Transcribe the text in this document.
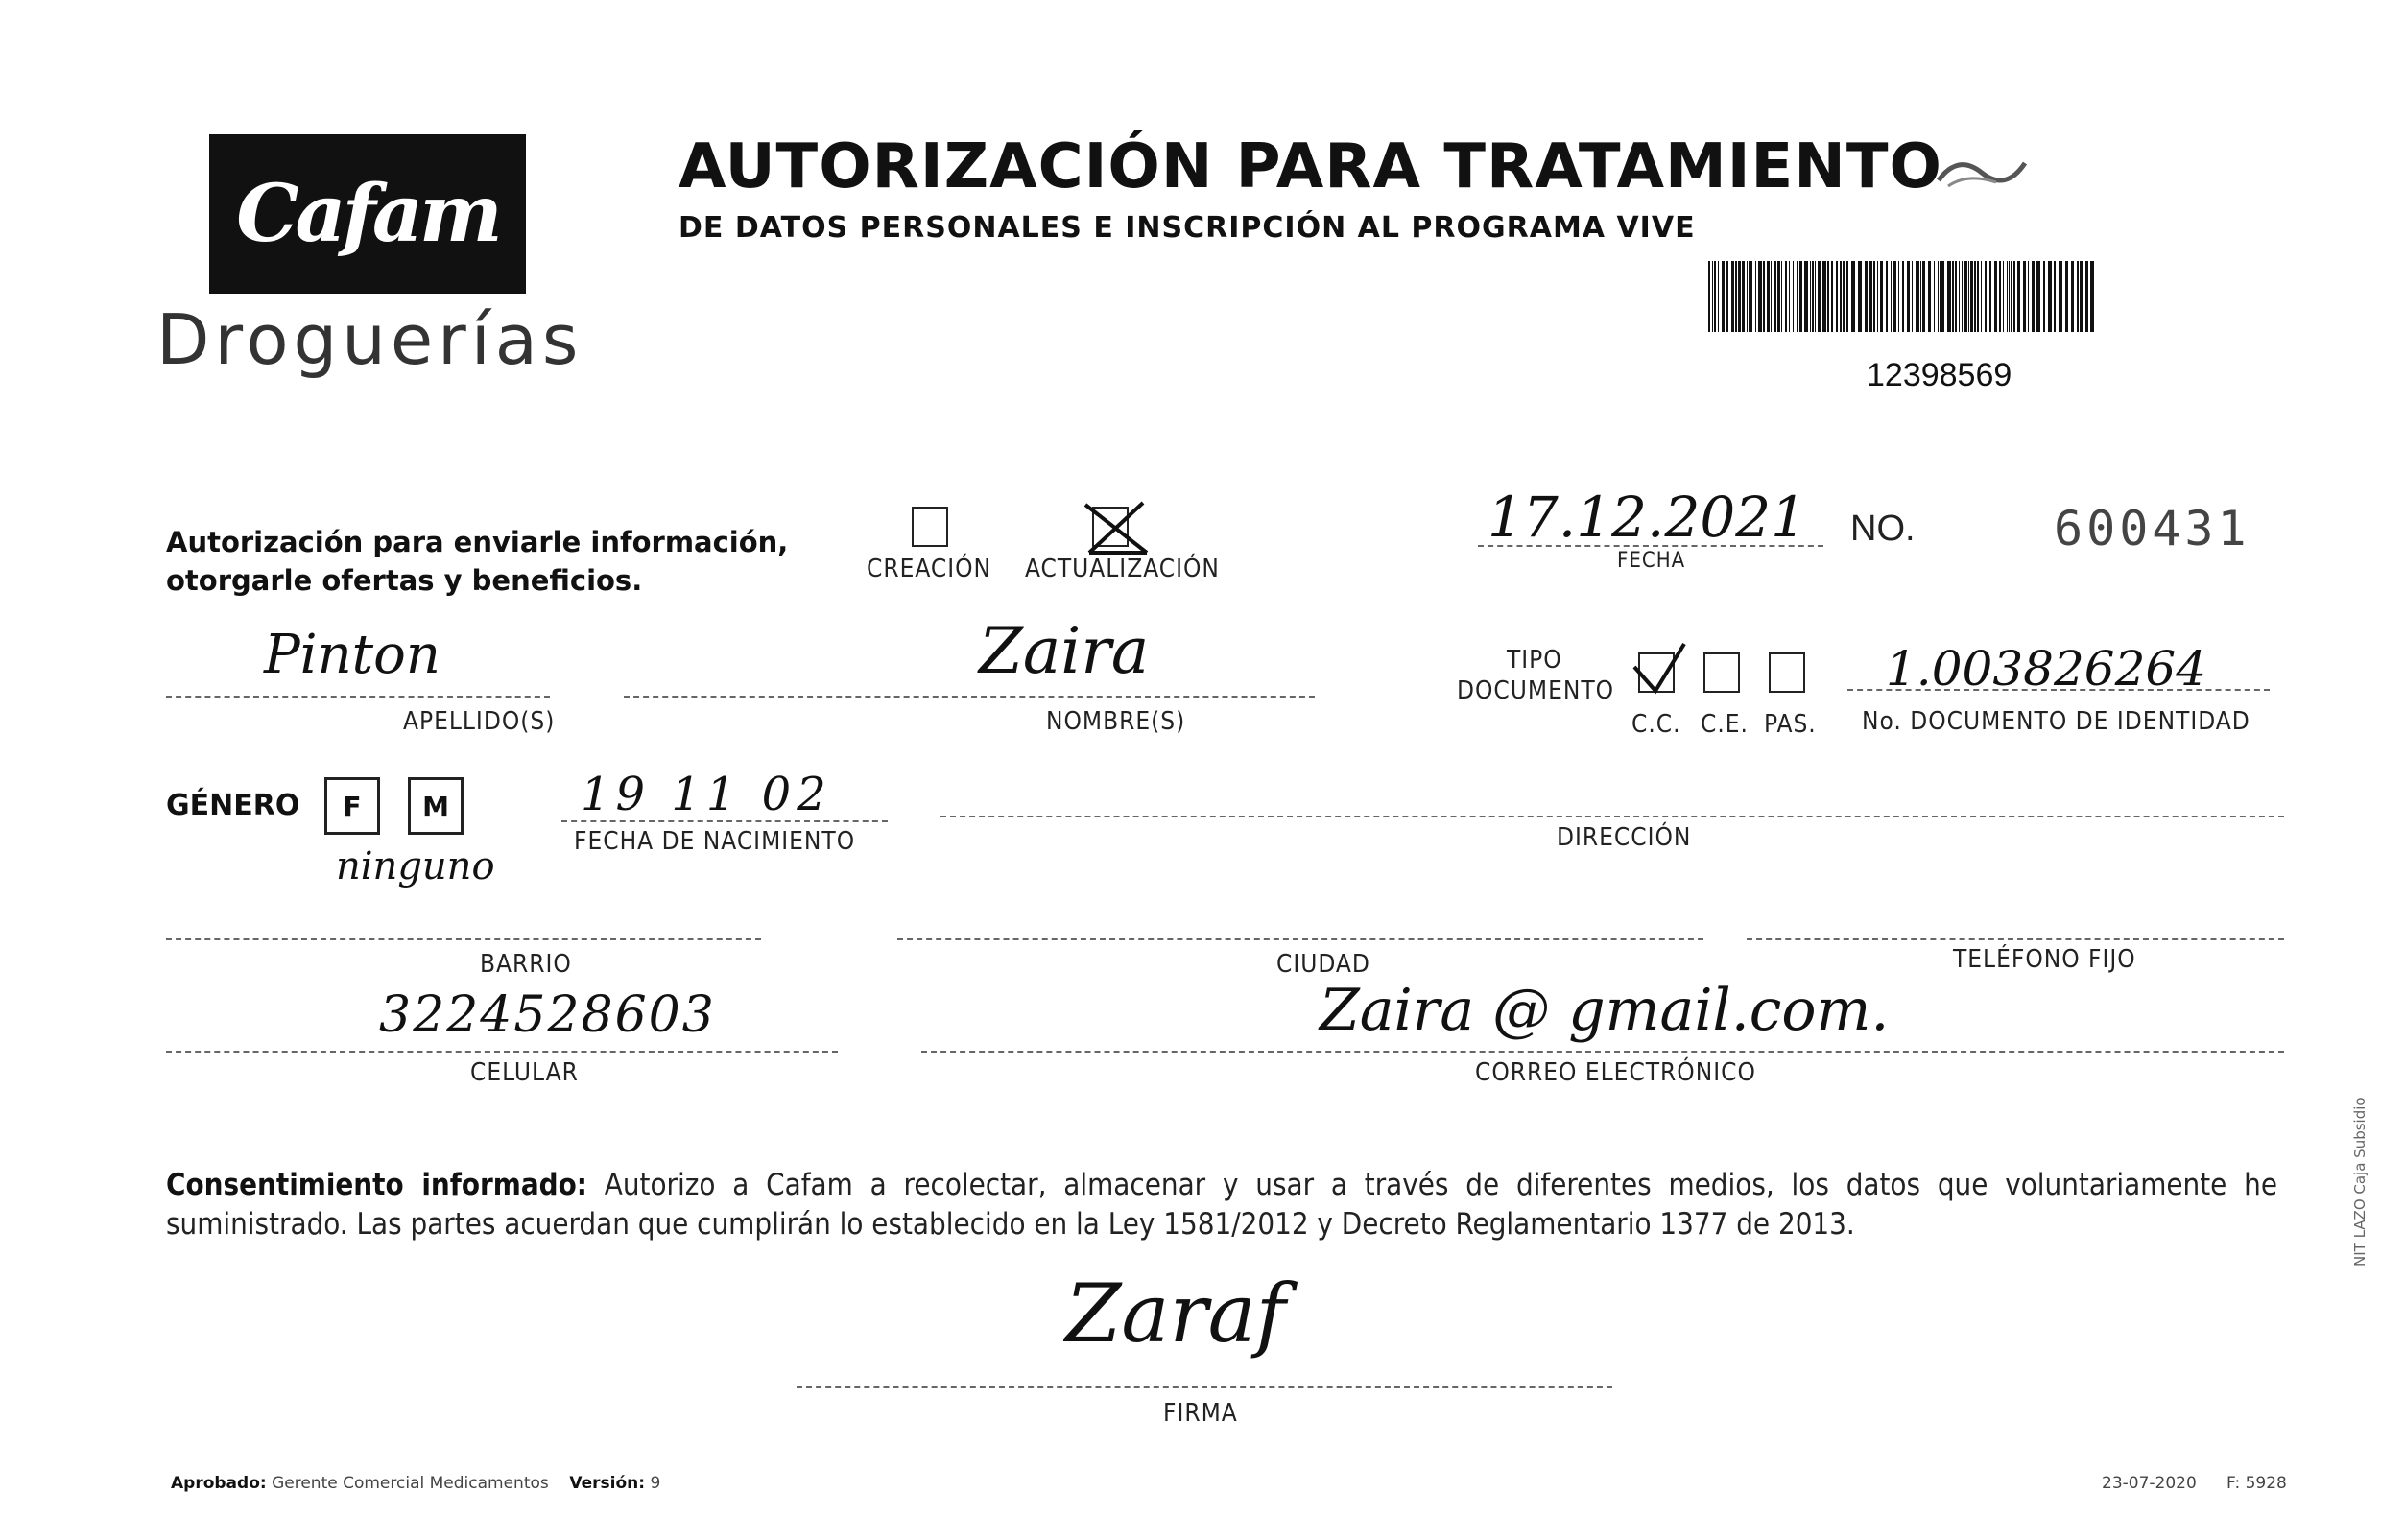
Cafam
Droguerías
AUTORIZACIÓN PARA TRATAMIENTO
DE DATOS PERSONALES E INSCRIPCIÓN AL PROGRAMA VIVE
12398569
Autorización para enviarle información,
otorgarle ofertas y beneficios.	CREACIÓN ACTUALIZACIÓN
17.12.2021
FECHA
NO.	600431
Pinton
APELLIDO(S)
Zaira
NOMBRE(S)
TIPO
DOCUMENTO
C.C. C.E. PAS.
1.003826264
No. DOCUMENTO DE IDENTIDAD
GÉNERO	F	M
ninguno
19 11 02
FECHA DE NACIMIENTO	DIRECCIÓN
BARRIO	CIUDAD	TELÉFONO FIJO
3224528603
CELULAR
Zaira @ gmail.com.
CORREO ELECTRÓNICO
Consentimiento informado: Autorizo a Cafam a recolectar, almacenar y usar a través de diferentes medios, los datos que voluntariamente he suministrado. Las partes acuerdan que cumplirán lo establecido en la Ley 1581/2012 y Decreto Reglamentario 1377 de 2013.
Zaraf
FIRMA
Aprobado: Gerente Comercial Medicamentos Versión: 9	23-07-2020 F: 5928
NIT LAZO Caja Subsidio
